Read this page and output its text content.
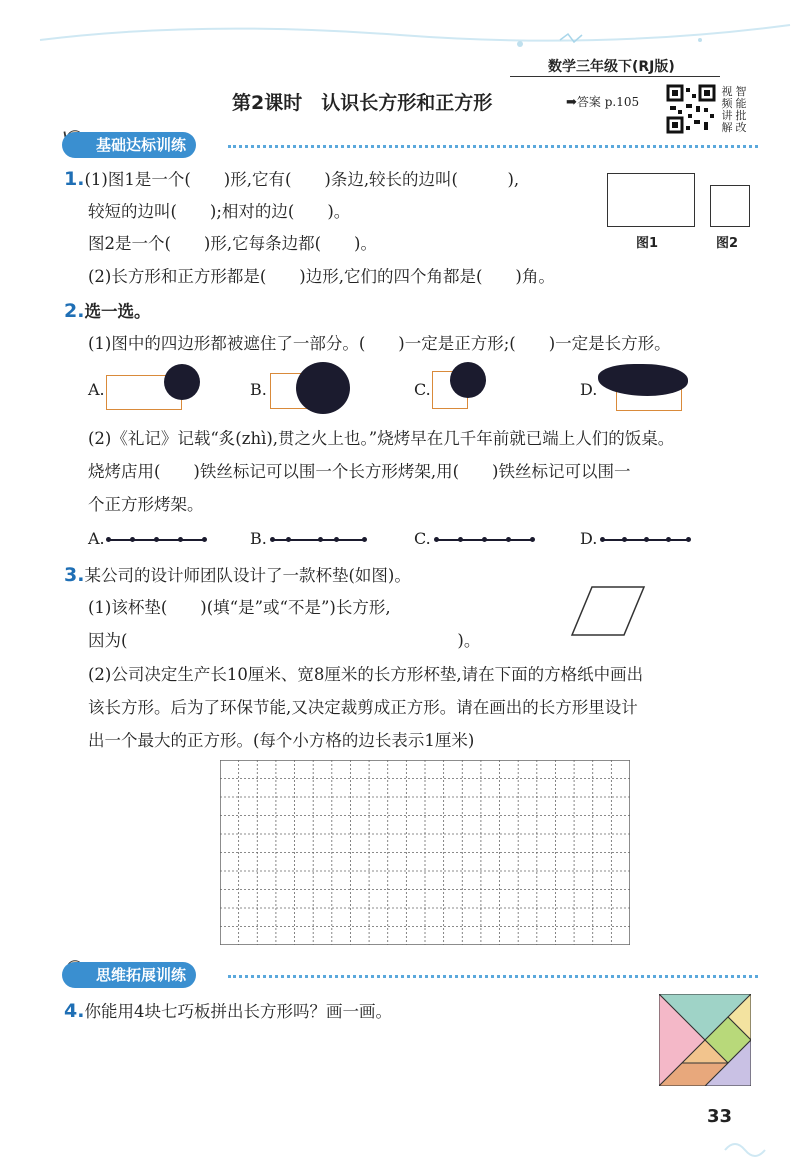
数学三年级下(RJ版)
第2课时　认识长方形和正方形	➡答案 p.105
视
频
讲
解
智
能
批
改
基础达标训练
1.(1)图1是一个(　　)形,它有(　　)条边,较长的边叫(　　　),
较短的边叫(　　);相对的边(　　)。
图2是一个(　　)形,它每条边都(　　)。
(2)长方形和正方形都是(　　)边形,它们的四个角都是(　　)角。
图1	图2
2.选一选。
(1)图中的四边形都被遮住了一部分。(　　)一定是正方形;(　　)一定是长方形。
A.	B.	C.	D.
(2)《礼记》记载“炙(zhì),贯之火上也。”烧烤早在几千年前就已端上人们的饭桌。
烧烤店用(　　)铁丝标记可以围一个长方形烤架,用(　　)铁丝标记可以围一
个正方形烤架。
A.	B.	C.	D.
3.某公司的设计师团队设计了一款杯垫(如图)。
(1)该杯垫(　　)(填“是”或“不是”)长方形,
因为(　　　　　　　　　　　　　　　　　　　　)。
(2)公司决定生产长10厘米、宽8厘米的长方形杯垫,请在下面的方格纸中画出
该长方形。后为了环保节能,又决定裁剪成正方形。请在画出的长方形里设计
出一个最大的正方形。(每个小方格的边长表示1厘米)
思维拓展训练
4.你能用4块七巧板拼出长方形吗？画一画。
33
